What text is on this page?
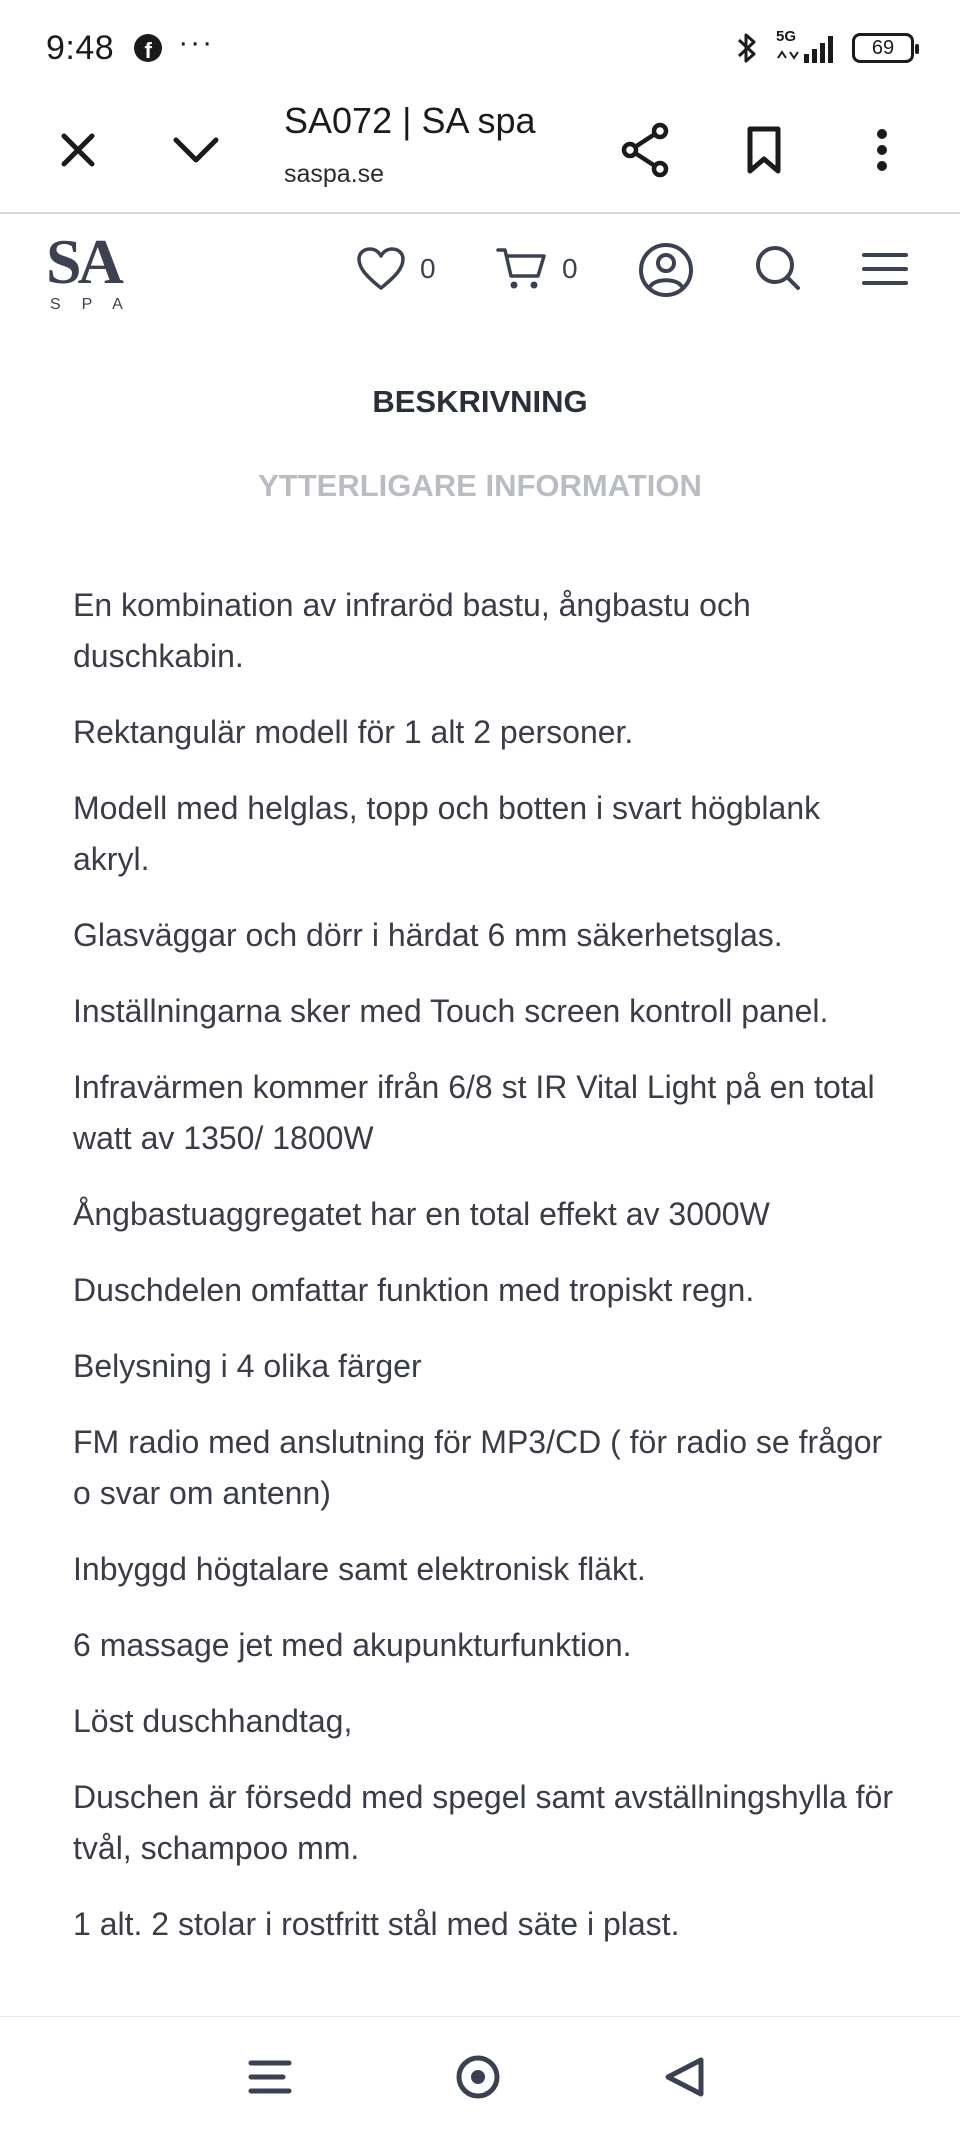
9:48	f ···	5G	69
SA072 | SA spa
saspa.se
SA
SPA
0	0
BESKRIVNING
YTTERLIGARE INFORMATION

En kombination av infraröd bastu, ångbastu och duschkabin.

Rektangulär modell för 1 alt 2 personer.

Modell med helglas, topp och botten i svart högblank akryl.

Glasväggar och dörr i härdat 6 mm säkerhetsglas.

Inställningarna sker med Touch screen kontroll panel.

Infravärmen kommer ifrån 6/8 st IR Vital Light på en total watt av 1350/ 1800W

Ångbastuaggregatet har en total effekt av 3000W

Duschdelen omfattar funktion med tropiskt regn.

Belysning i 4 olika färger

FM radio med anslutning för MP3/CD ( för radio se frågor o svar om antenn)

Inbyggd högtalare samt elektronisk fläkt.

6 massage jet med akupunkturfunktion.

Löst duschhandtag,

Duschen är försedd med spegel samt avställningshylla för tvål, schampoo mm.

1 alt. 2 stolar i rostfritt stål med säte i plast.
